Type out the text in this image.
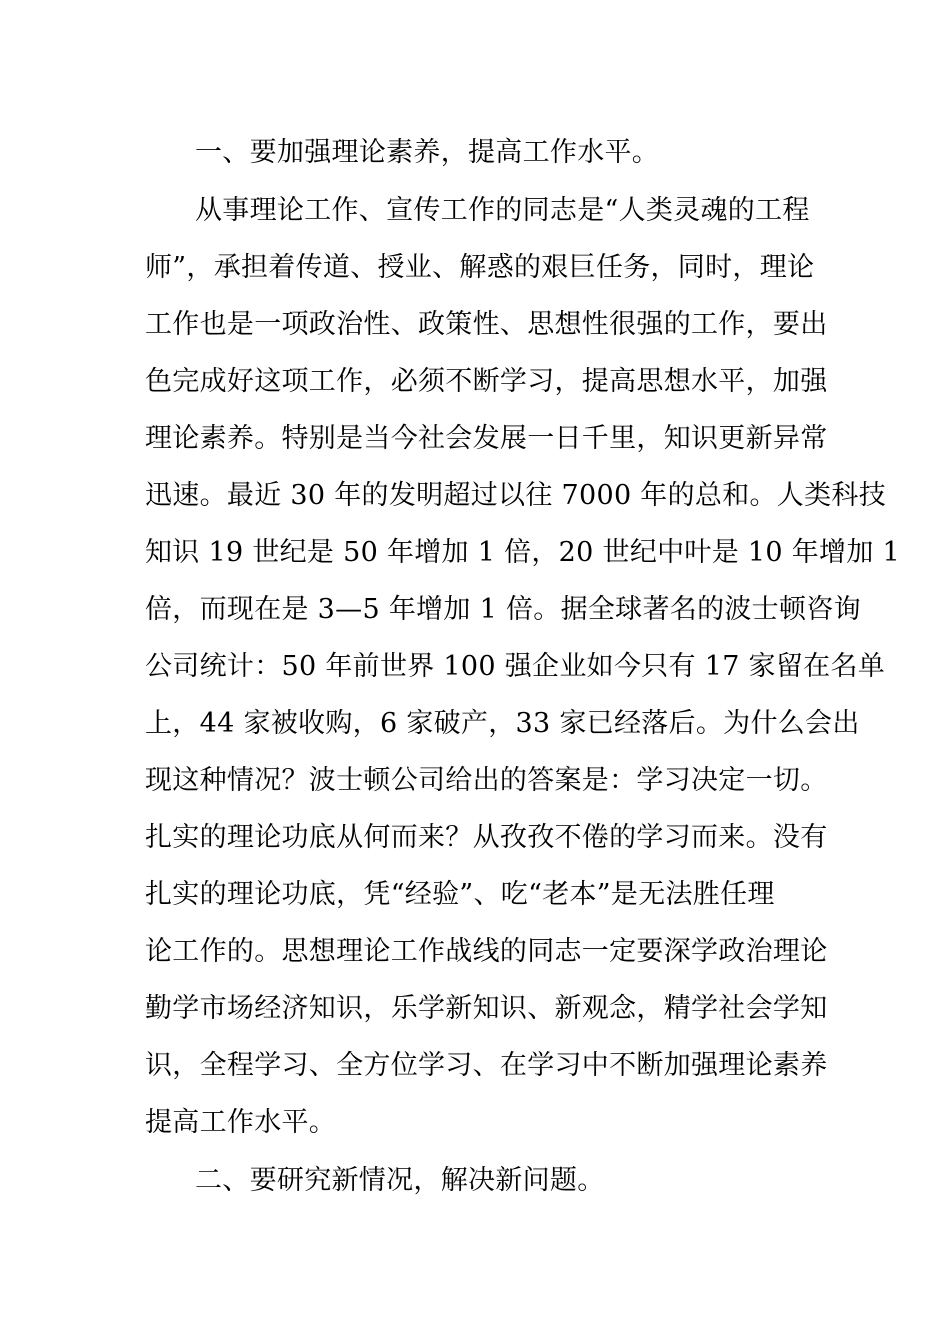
一、要加强理论素养，提高工作水平。
从事理论工作、宣传工作的同志是“人类灵魂的工程
师”，承担着传道、授业、解惑的艰巨任务，同时，理论
工作也是一项政治性、政策性、思想性很强的工作，要出
色完成好这项工作，必须不断学习，提高思想水平，加强
理论素养。特别是当今社会发展一日千里，知识更新异常
迅速。最近 30 年的发明超过以往 7000 年的总和。人类科技
知识 19 世纪是 50 年增加 1 倍，20 世纪中叶是 10 年增加 1
倍，而现在是 3—5 年增加 1 倍。据全球著名的波士顿咨询
公司统计：50 年前世界 100 强企业如今只有 17 家留在名单
上，44 家被收购，6 家破产，33 家已经落后。为什么会出
现这种情况？波士顿公司给出的答案是：学习决定一切。
扎实的理论功底从何而来？从孜孜不倦的学习而来。没有
扎实的理论功底，凭“经验”、吃“老本”是无法胜任理
论工作的。思想理论工作战线的同志一定要深学政治理论
勤学市场经济知识，乐学新知识、新观念，精学社会学知
识，全程学习、全方位学习、在学习中不断加强理论素养
提高工作水平。
二、要研究新情况，解决新问题。
